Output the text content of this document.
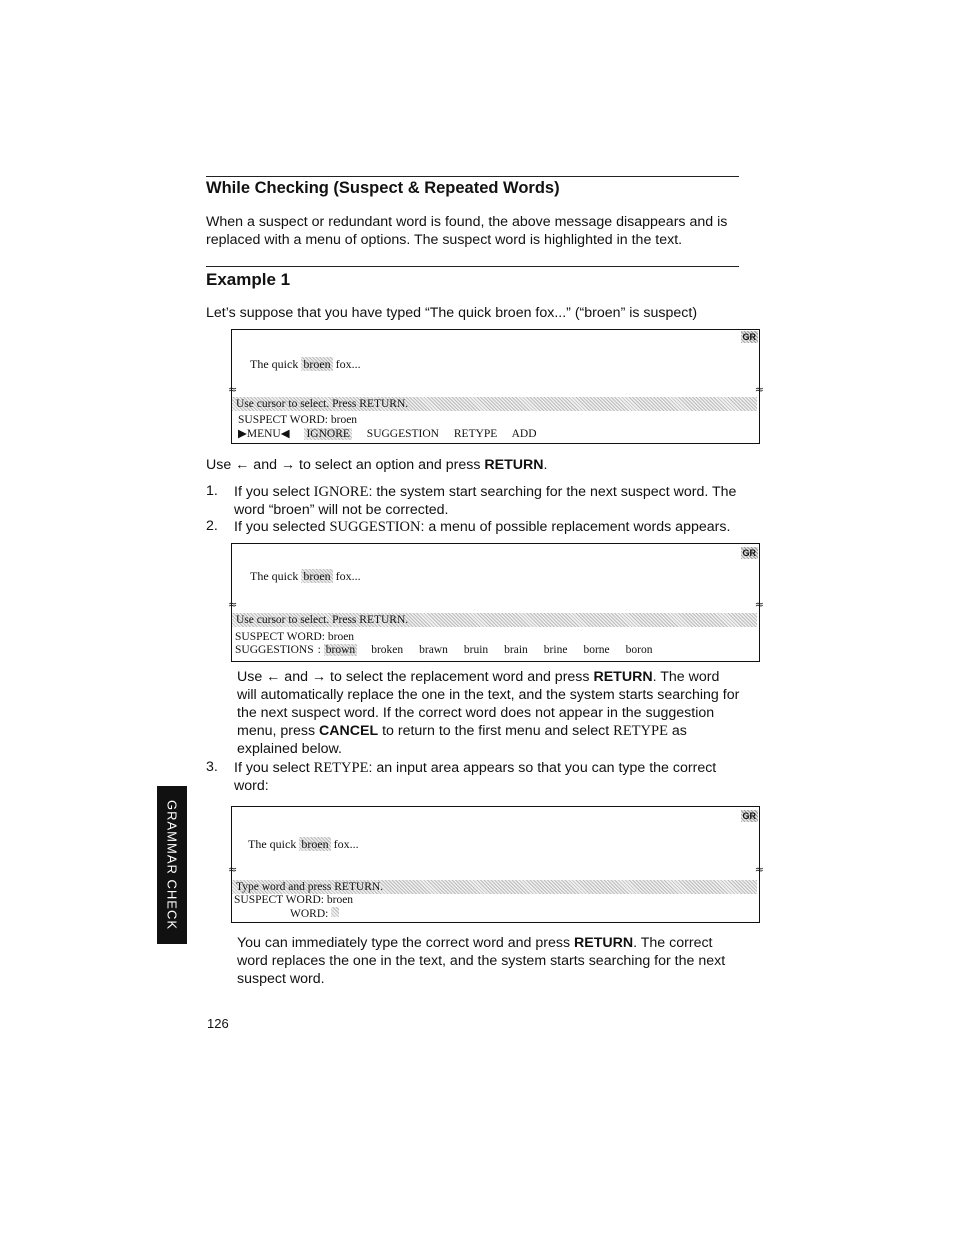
While Checking (Suspect & Repeated Words)

When a suspect or redundant word is found, the above message disappears and is

replaced with a menu of options. The suspect word is highlighted in the text.

Example 1

Let’s suppose that you have typed “The quick broen fox...” (“broen” is suspect)

GR
The quick broen fox...
≈	≈
Use cursor to select. Press RETURN.
SUSPECT WORD: broen
▶MENU◀ IGNORE SUGGESTION RETYPE ADD

Use ← and → to select an option and press RETURN.

1. If you select IGNORE: the system start searching for the next suspect word. The

word “broen” will not be corrected.

2. If you selected SUGGESTION: a menu of possible replacement words appears.

GR
The quick broen fox...
≈	≈
Use cursor to select. Press RETURN.
SUSPECT WORD: broen
SUGGESTIONS : brown broken brawn bruin brain brine borne boron

Use ← and → to select the replacement word and press RETURN. The word

will automatically replace the one in the text, and the system starts searching for

the next suspect word. If the correct word does not appear in the suggestion

menu, press CANCEL to return to the first menu and select RETYPE as

explained below.

3. If you select RETYPE: an input area appears so that you can type the correct

word:

GR
The quick broen fox...
≈	≈
Type word and press RETURN.
SUSPECT WORD: broen
WORD:

You can immediately type the correct word and press RETURN. The correct

word replaces the one in the text, and the system starts searching for the next

suspect word.

GRAMMAR CHECK
126
